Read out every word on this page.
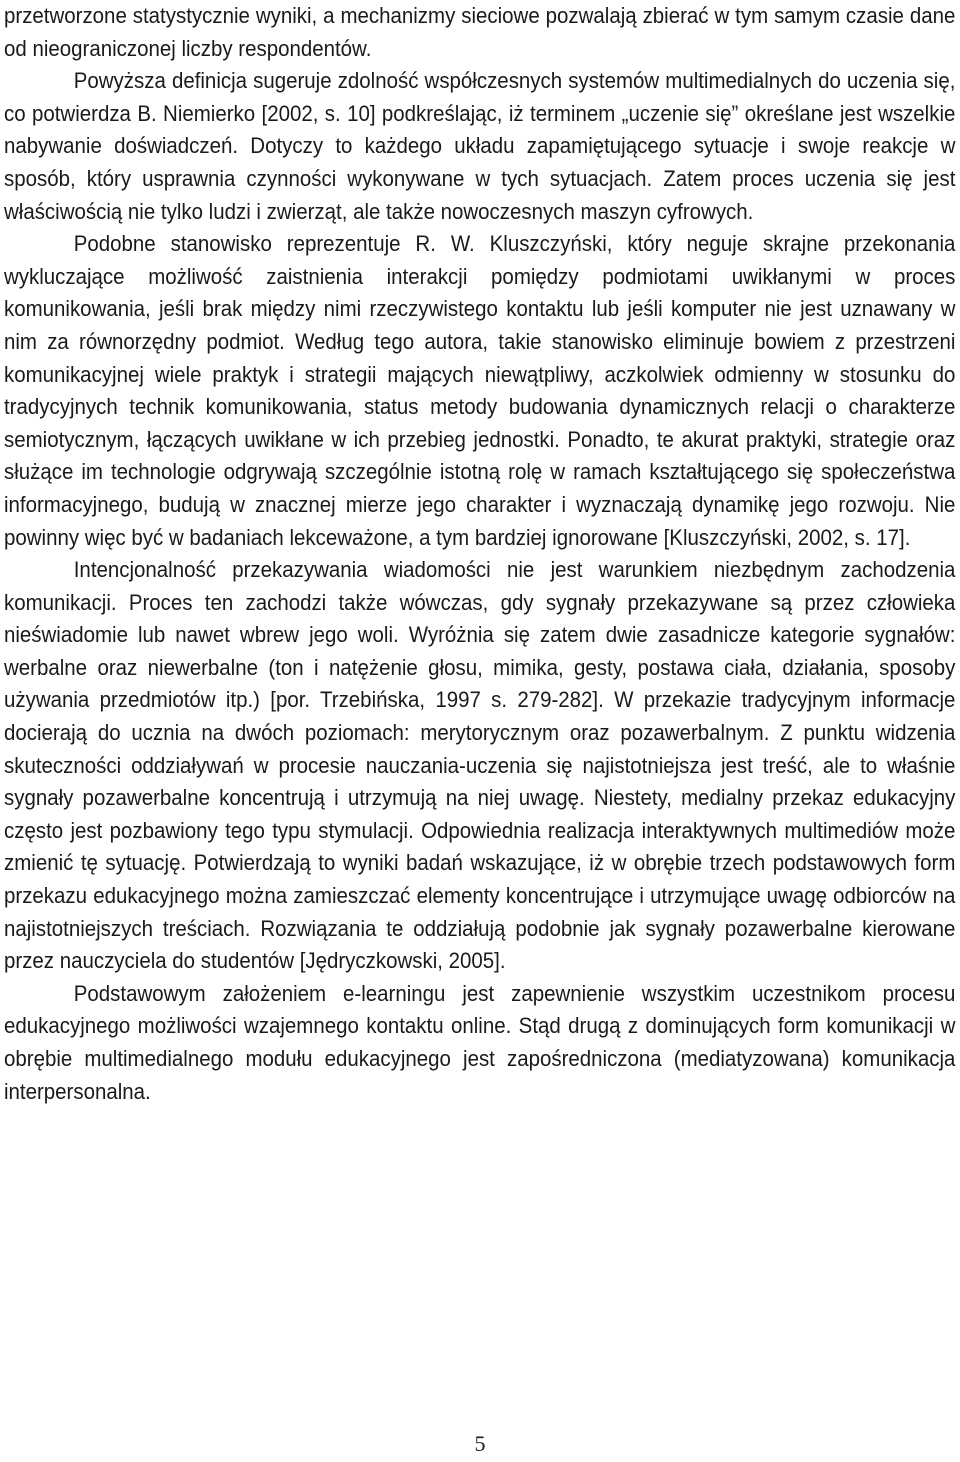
przetworzone statystycznie wyniki, a mechanizmy sieciowe pozwalają zbierać w tym samym czasie dane od nieograniczonej liczby respondentów.

Powyższa definicja sugeruje zdolność współczesnych systemów multimedialnych do uczenia się, co potwierdza B. Niemierko [2002, s. 10] podkreślając, iż terminem „uczenie się” określane jest wszelkie nabywanie doświadczeń. Dotyczy to każdego układu zapamiętującego sytuacje i swoje reakcje w sposób, który usprawnia czynności wykonywane w tych sytuacjach. Zatem proces uczenia się jest właściwością nie tylko ludzi i zwierząt, ale także nowoczesnych maszyn cyfrowych.

Podobne stanowisko reprezentuje R. W. Kluszczyński, który neguje skrajne przekonania wykluczające możliwość zaistnienia interakcji pomiędzy podmiotami uwikłanymi w proces komunikowania, jeśli brak między nimi rzeczywistego kontaktu lub jeśli komputer nie jest uznawany w nim za równorzędny podmiot. Według tego autora, takie stanowisko eliminuje bowiem z przestrzeni komunikacyjnej wiele praktyk i strategii mających niewątpliwy, aczkolwiek odmienny w stosunku do tradycyjnych technik komunikowania, status metody budowania dynamicznych relacji o charakterze semiotycznym, łączących uwikłane w ich przebieg jednostki. Ponadto, te akurat praktyki, strategie oraz służące im technologie odgrywają szczególnie istotną rolę w ramach kształtującego się społeczeństwa informacyjnego, budują w znacznej mierze jego charakter i wyznaczają dynamikę jego rozwoju. Nie powinny więc być w badaniach lekceważone, a tym bardziej ignorowane [Kluszczyński, 2002, s. 17].

Intencjonalność przekazywania wiadomości nie jest warunkiem niezbędnym zachodzenia komunikacji. Proces ten zachodzi także wówczas, gdy sygnały przekazywane są przez człowieka nieświadomie lub nawet wbrew jego woli. Wyróżnia się zatem dwie zasadnicze kategorie sygnałów: werbalne oraz niewerbalne (ton i natężenie głosu, mimika, gesty, postawa ciała, działania, sposoby używania przedmiotów itp.) [por. Trzebińska, 1997 s. 279-282]. W przekazie tradycyjnym informacje docierają do ucznia na dwóch poziomach: merytorycznym oraz pozawerbalnym. Z punktu widzenia skuteczności oddziaływań w procesie nauczania-uczenia się najistotniejsza jest treść, ale to właśnie sygnały pozawerbalne koncentrują i utrzymują na niej uwagę. Niestety, medialny przekaz edukacyjny często jest pozbawiony tego typu stymulacji. Odpowiednia realizacja interaktywnych multimediów może zmienić tę sytuację. Potwierdzają to wyniki badań wskazujące, iż w obrębie trzech podstawowych form przekazu edukacyjnego można zamieszczać elementy koncentrujące i utrzymujące uwagę odbiorców na najistotniejszych treściach. Rozwiązania te oddziałują podobnie jak sygnały pozawerbalne kierowane przez nauczyciela do studentów [Jędryczkowski, 2005].

Podstawowym założeniem e-learningu jest zapewnienie wszystkim uczestnikom procesu edukacyjnego możliwości wzajemnego kontaktu online. Stąd drugą z dominujących form komunikacji w obrębie multimedialnego modułu edukacyjnego jest zapośredniczona (mediatyzowana) komunikacja interpersonalna.

5
